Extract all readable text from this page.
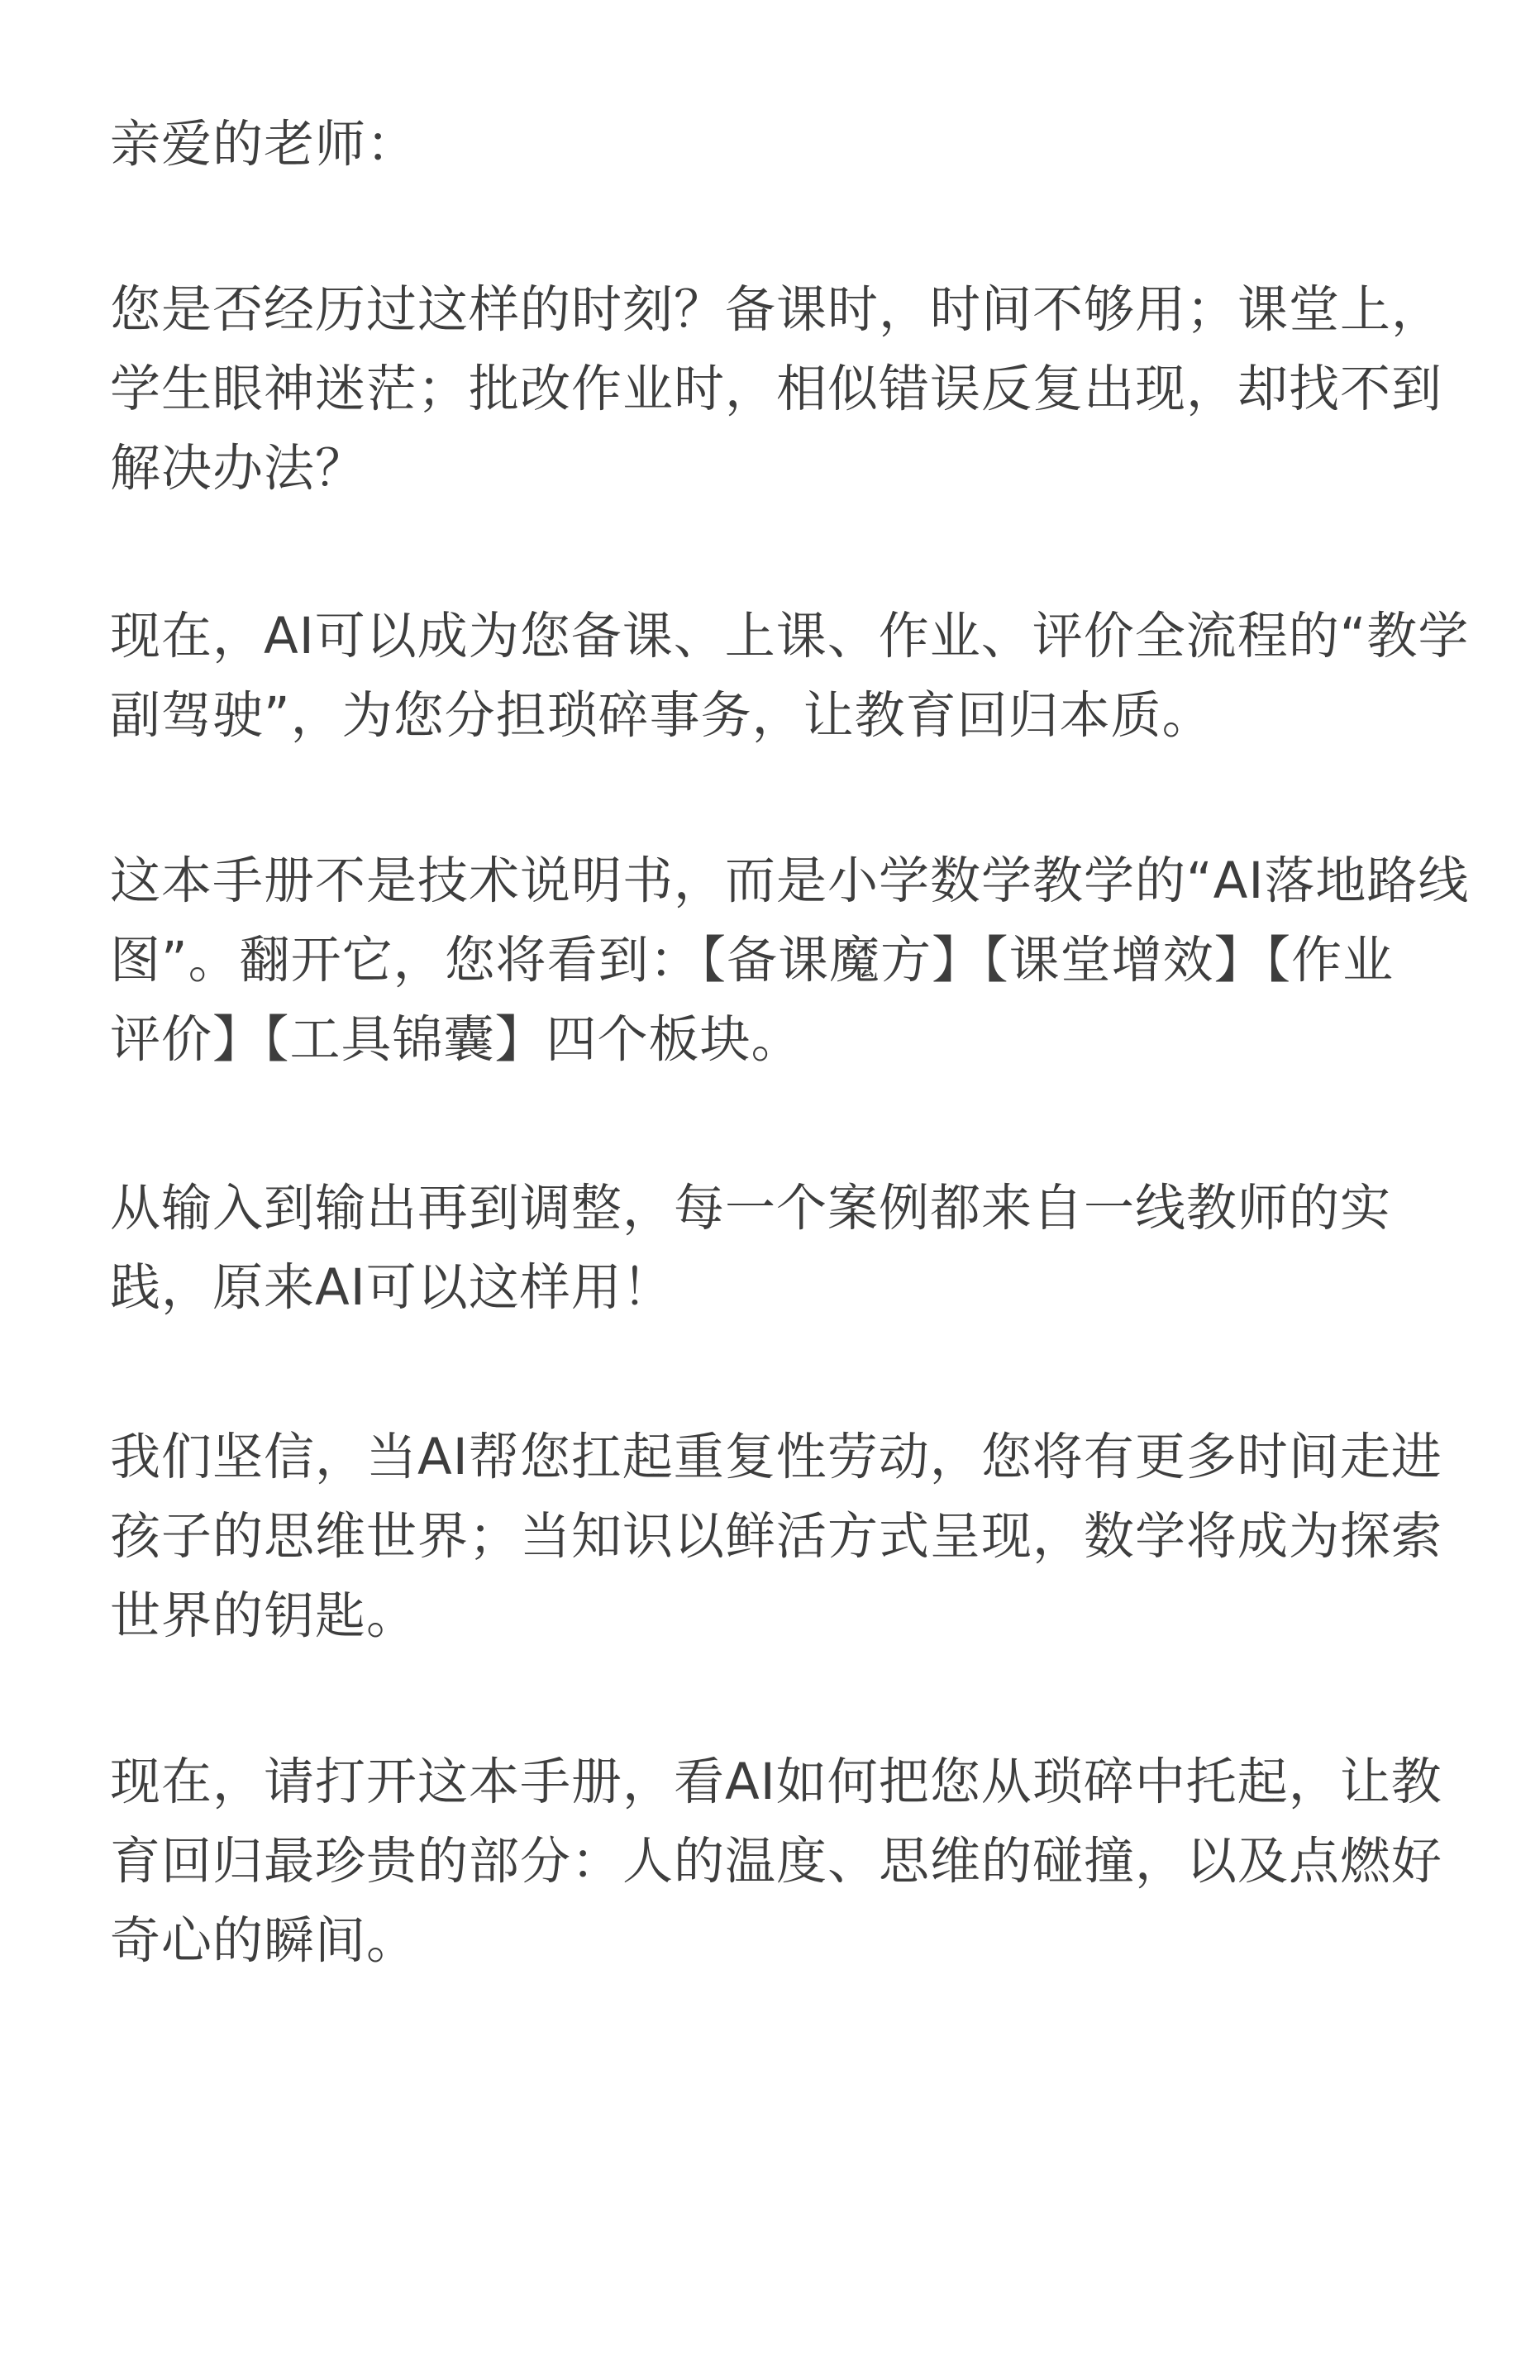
亲爱的老师：

您是否经历过这样的时刻？备课时，时间不够用；课堂上，
学生眼神迷茫；批改作业时，相似错误反复出现，却找不到
解决办法？

现在，AI可以成为您备课、上课、作业、评价全流程的“教学
副驾驶”，为您分担琐碎事务，让教育回归本质。

这本手册不是技术说明书，而是小学数学教学的“AI落地路线
图”。翻开它，您将看到：【备课魔方】【课堂增效】【作业
评价】【工具锦囊】四个板块。

从输入到输出再到调整，每一个案例都来自一线教师的实
践，原来AI可以这样用！

我们坚信，当AI帮您扛起重复性劳动，您将有更多时间走进
孩子的思维世界；当知识以鲜活方式呈现，数学将成为探索
世界的钥匙。

现在，请打开这本手册，看AI如何把您从琐碎中托起，让教
育回归最珍贵的部分：人的温度、思维的碰撞，以及点燃好
奇心的瞬间。
